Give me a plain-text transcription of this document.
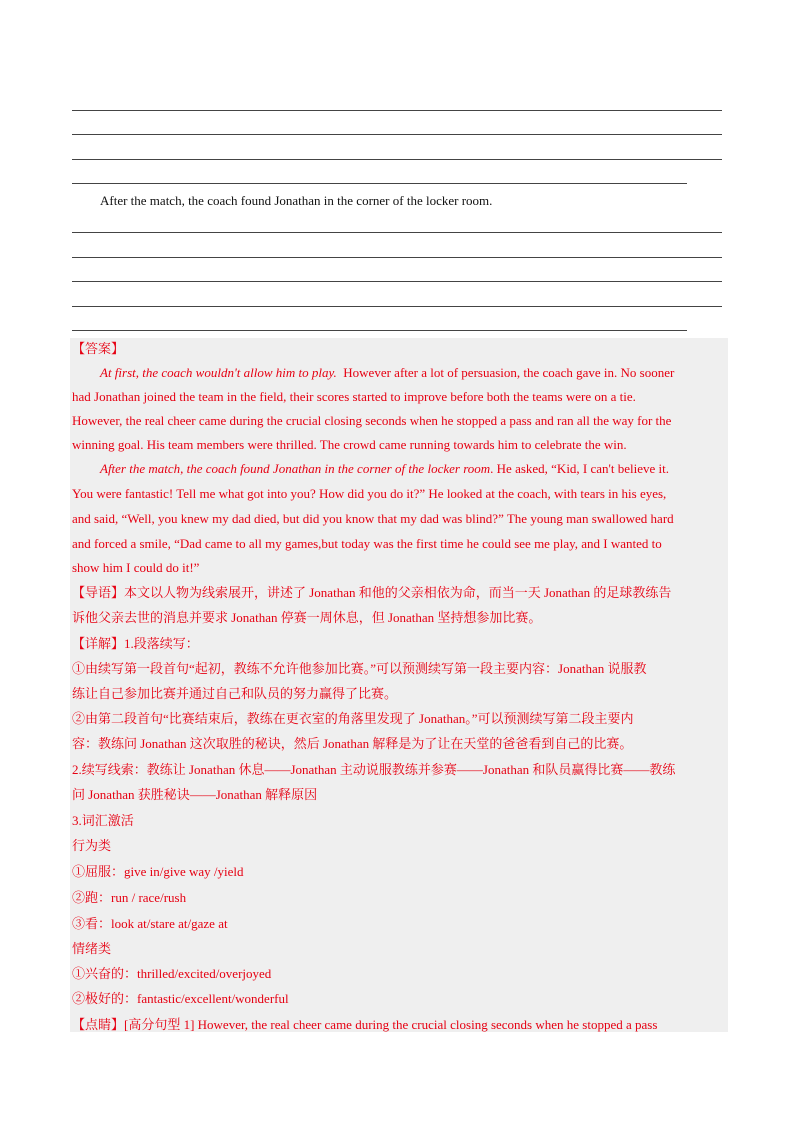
After the match, the coach found Jonathan in the corner of the locker room.
【答案】
At first, the coach wouldn't allow him to play. However after a lot of persuasion, the coach gave in. No sooner
had Jonathan joined the team in the field, their scores started to improve before both the teams were on a tie.
However, the real cheer came during the crucial closing seconds when he stopped a pass and ran all the way for the
winning goal. His team members were thrilled. The crowd came running towards him to celebrate the win.
After the match, the coach found Jonathan in the corner of the locker room. He asked, “Kid, I can't believe it.
You were fantastic! Tell me what got into you? How did you do it?” He looked at the coach, with tears in his eyes,
and said, “Well, you knew my dad died, but did you know that my dad was blind?” The young man swallowed hard
and forced a smile, “Dad came to all my games,but today was the first time he could see me play, and I wanted to
show him I could do it!”
【导语】本文以人物为线索展开，讲述了 Jonathan 和他的父亲相依为命，而当一天 Jonathan 的足球教练告
诉他父亲去世的消息并要求 Jonathan 停赛一周休息，但 Jonathan 坚持想参加比赛。
【详解】1.段落续写：
①由续写第一段首句“起初，教练不允许他参加比赛。”可以预测续写第一段主要内容：Jonathan 说服教
练让自己参加比赛并通过自己和队员的努力赢得了比赛。
②由第二段首句“比赛结束后，教练在更衣室的角落里发现了 Jonathan。”可以预测续写第二段主要内
容：教练问 Jonathan 这次取胜的秘诀，然后 Jonathan 解释是为了让在天堂的爸爸看到自己的比赛。
2.续写线索：教练让 Jonathan 休息——Jonathan 主动说服教练并参赛——Jonathan 和队员赢得比赛——教练
问 Jonathan 获胜秘诀——Jonathan 解释原因
3.词汇激活
行为类
①屈服：give in/give way /yield
②跑：run / race/rush
③看：look at/stare at/gaze at
情绪类
①兴奋的：thrilled/excited/overjoyed
②极好的：fantastic/excellent/wonderful
【点睛】[高分句型 1] However, the real cheer came during the crucial closing seconds when he stopped a pass
